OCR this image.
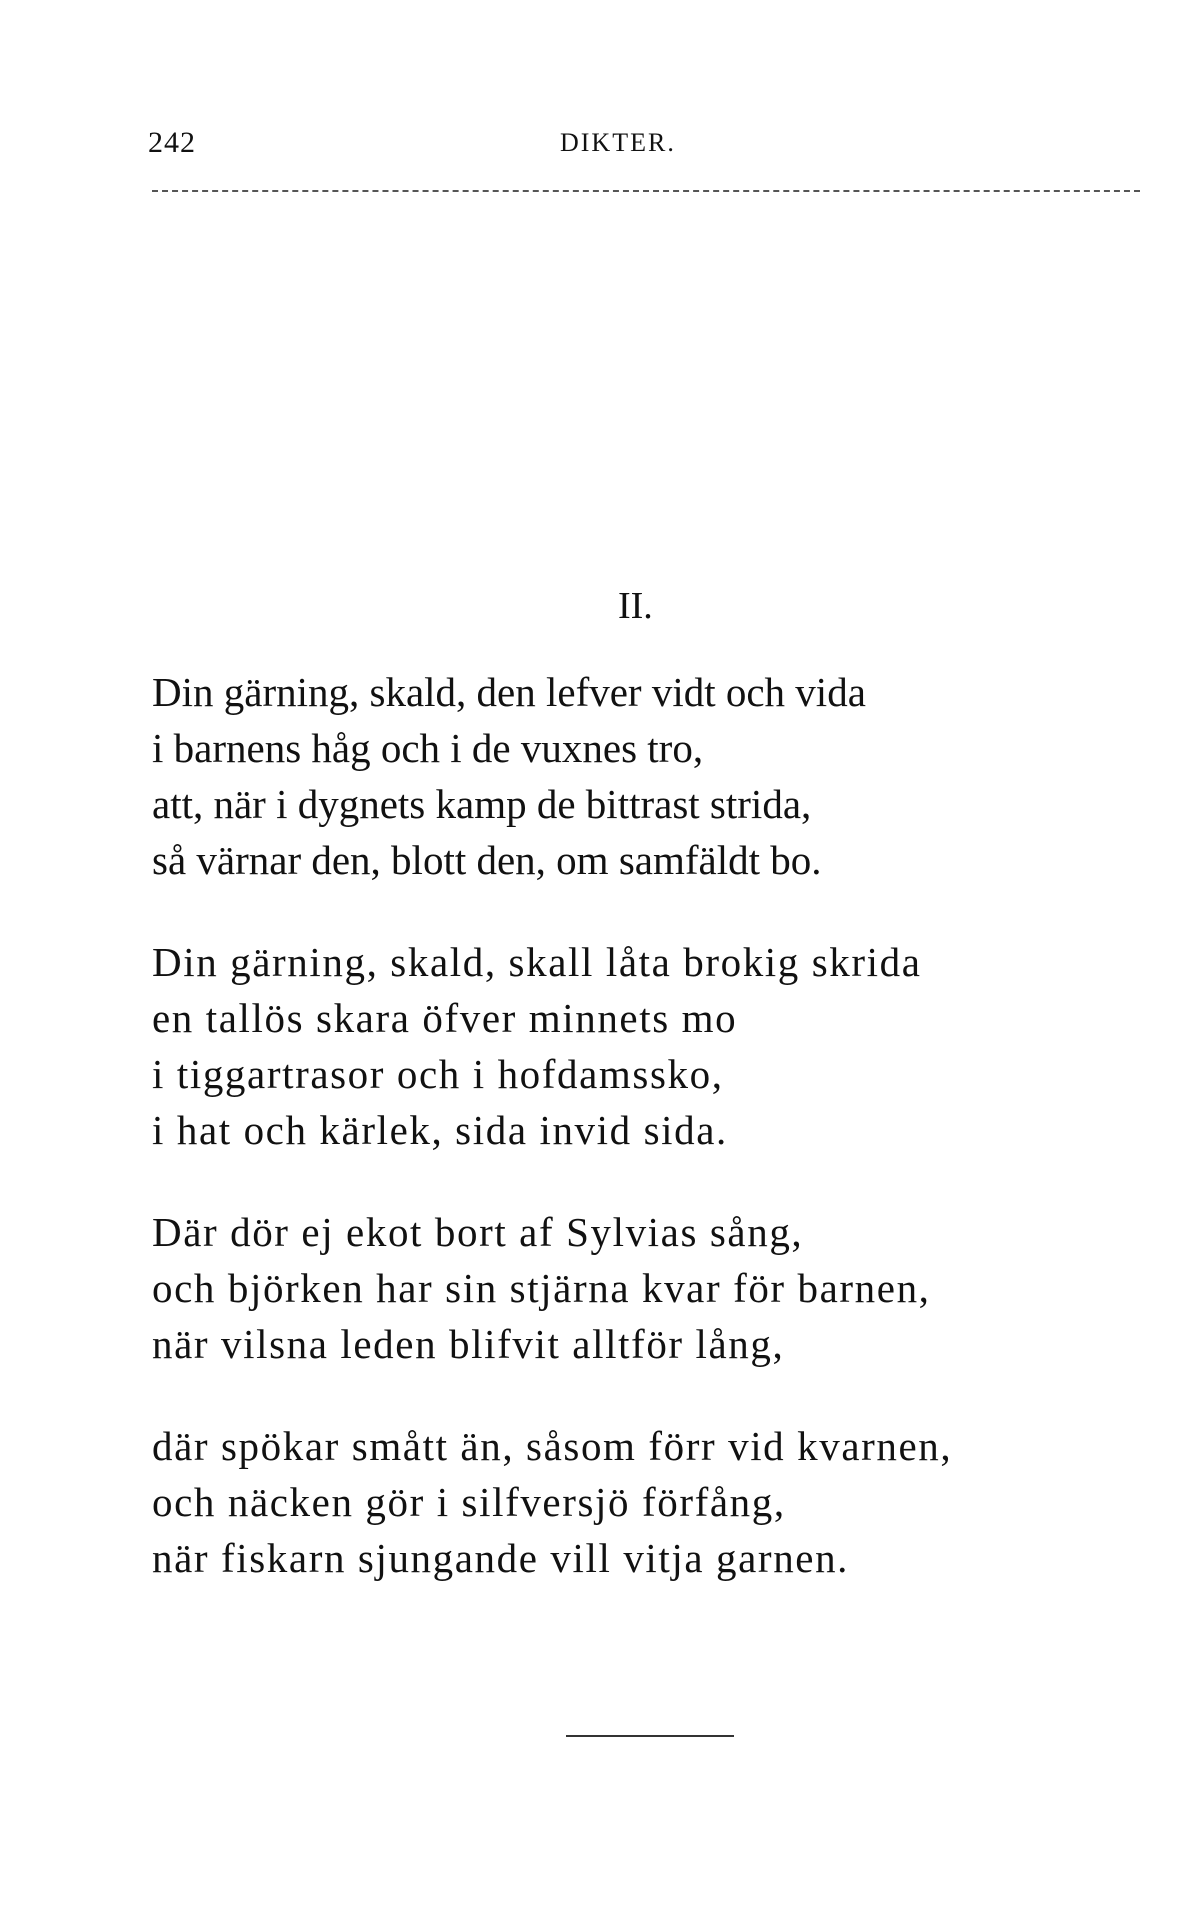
242	DIKTER.
II.
Din gärning, skald, den lefver vidt och vida
i barnens håg och i de vuxnes tro,
att, när i dygnets kamp de bittrast strida,
så värnar den, blott den, om samfäldt bo.
Din gärning, skald, skall låta brokig skrida
en tallös skara öfver minnets mo
i tiggartrasor och i hofdamssko,
i hat och kärlek, sida invid sida.
Där dör ej ekot bort af Sylvias sång,
och björken har sin stjärna kvar för barnen,
när vilsna leden blifvit alltför lång,
där spökar smått än, såsom förr vid kvarnen,
och näcken gör i silfversjö förfång,
när fiskarn sjungande vill vitja garnen.
